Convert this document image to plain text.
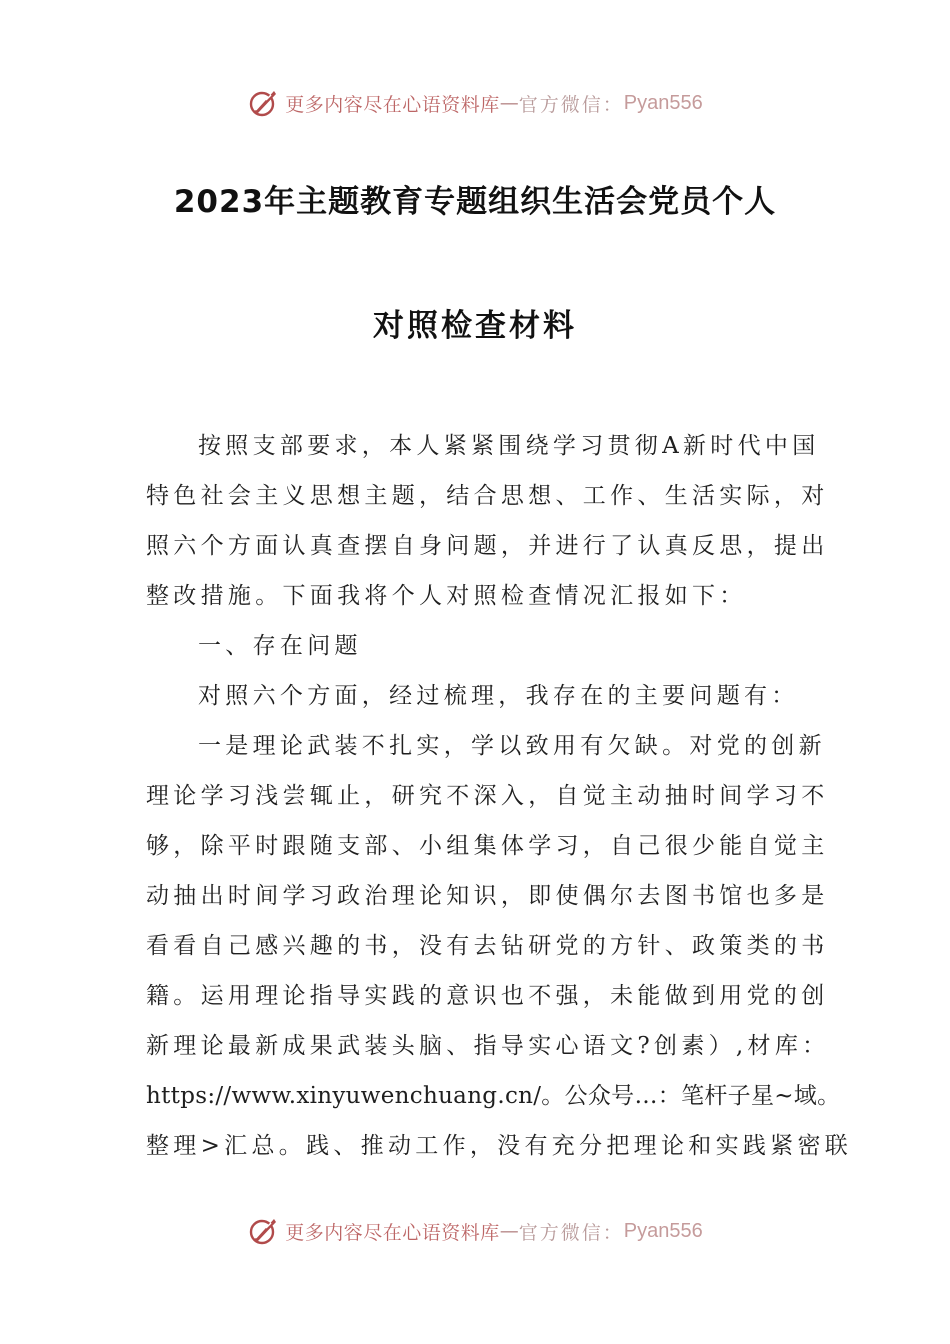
更多内容尽在心语资料库 — 官方微信： Pyan556
2023年主题教育专题组织生活会党员个人
对照检查材料
按照支部要求，本人紧紧围绕学习贯彻A新时代中国
特色社会主义思想主题，结合思想、工作、生活实际，对
照六个方面认真查摆自身问题，并进行了认真反思，提出
整改措施。下面我将个人对照检查情况汇报如下：
一、存在问题
对照六个方面，经过梳理，我存在的主要问题有：
一是理论武装不扎实，学以致用有欠缺。对党的创新
理论学习浅尝辄止，研究不深入，自觉主动抽时间学习不
够，除平时跟随支部、小组集体学习，自己很少能自觉主
动抽出时间学习政治理论知识，即使偶尔去图书馆也多是
看看自己感兴趣的书，没有去钻研党的方针、政策类的书
籍。运用理论指导实践的意识也不强，未能做到用党的创
新理论最新成果武装头脑、指导实心语文?创素）,材库：
https://www.xinyuwenchuang.cn/。公众号…：笔杆子星~域。
整理>汇总。践、推动工作，没有充分把理论和实践紧密联
更多内容尽在心语资料库 — 官方微信： Pyan556
